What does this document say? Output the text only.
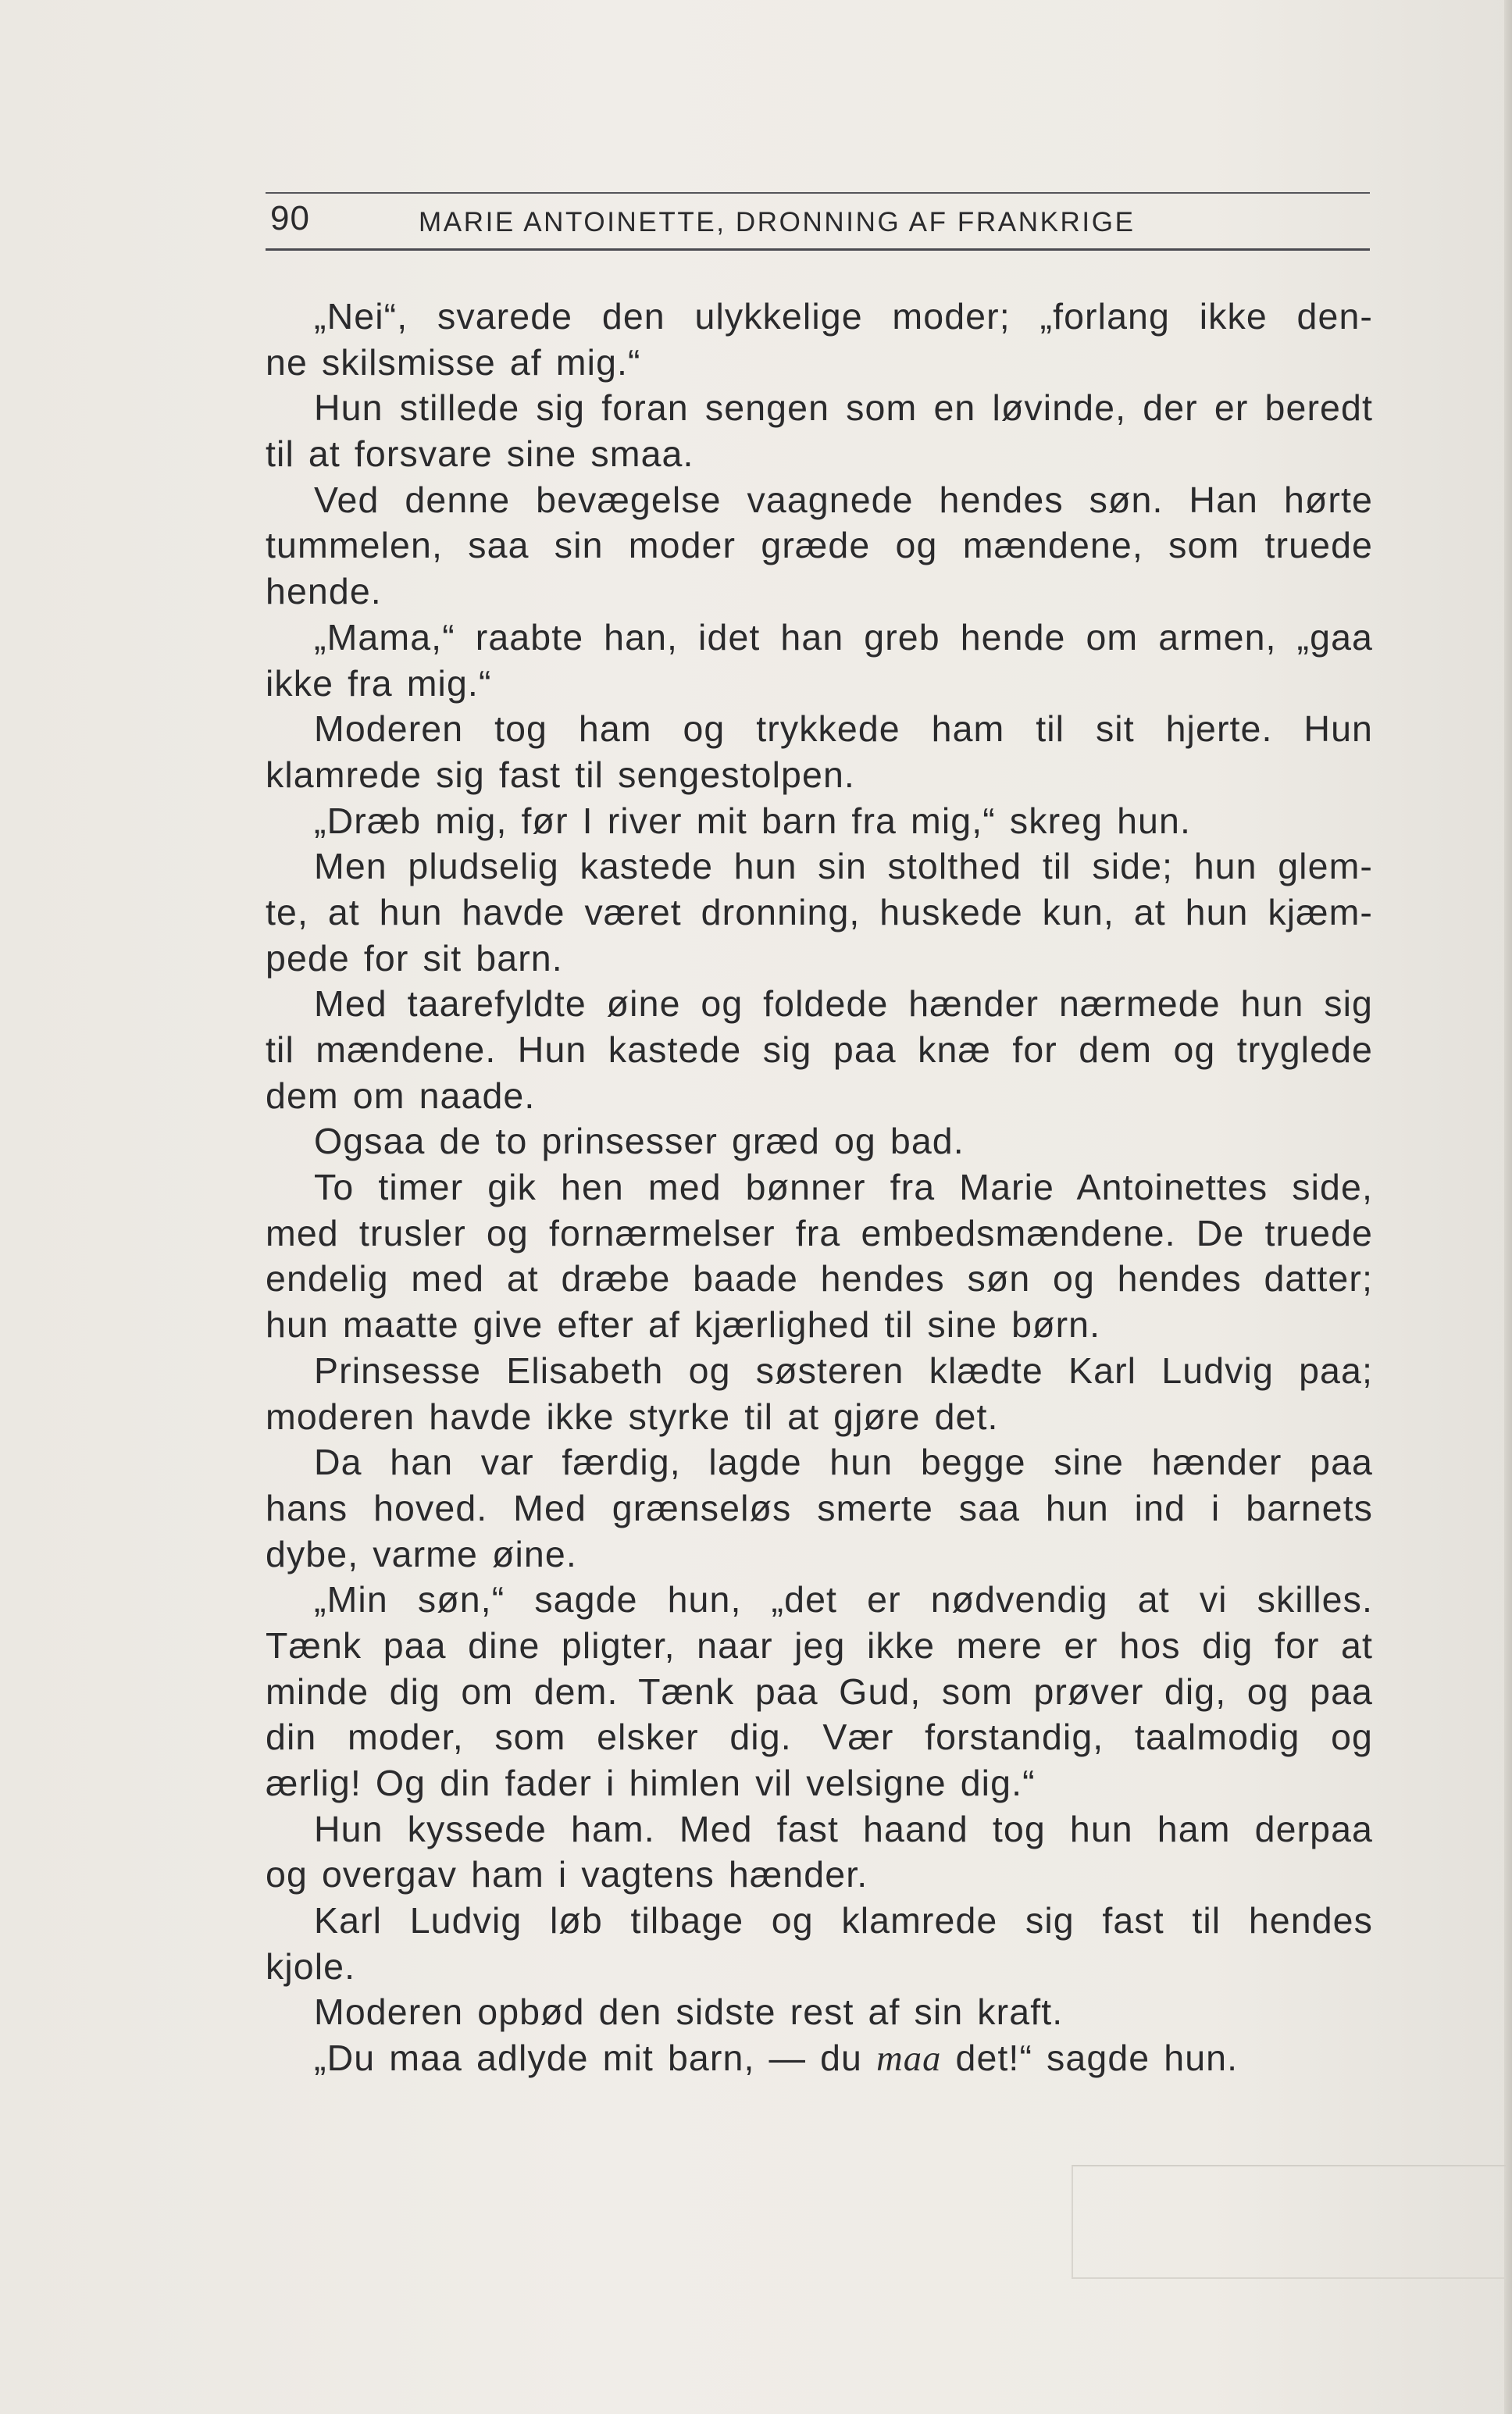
90	MARIE ANTOINETTE, DRONNING AF FRANKRIGE
„Nei“, svarede den ulykkelige moder; „forlang ikke den-
ne skilsmisse af mig.“
Hun stillede sig foran sengen som en løvinde, der er beredt
til at forsvare sine smaa.
Ved denne bevægelse vaagnede hendes søn. Han hørte
tummelen, saa sin moder græde og mændene, som truede
hende.
„Mama,“ raabte han, idet han greb hende om armen, „gaa
ikke fra mig.“
Moderen tog ham og trykkede ham til sit hjerte. Hun
klamrede sig fast til sengestolpen.
„Dræb mig, før I river mit barn fra mig,“ skreg hun.
Men pludselig kastede hun sin stolthed til side; hun glem-
te, at hun havde været dronning, huskede kun, at hun kjæm-
pede for sit barn.
Med taarefyldte øine og foldede hænder nærmede hun sig
til mændene. Hun kastede sig paa knæ for dem og tryglede
dem om naade.
Ogsaa de to prinsesser græd og bad.
To timer gik hen med bønner fra Marie Antoinettes side,
med trusler og fornærmelser fra embedsmændene. De truede
endelig med at dræbe baade hendes søn og hendes datter;
hun maatte give efter af kjærlighed til sine børn.
Prinsesse Elisabeth og søsteren klædte Karl Ludvig paa;
moderen havde ikke styrke til at gjøre det.
Da han var færdig, lagde hun begge sine hænder paa
hans hoved. Med grænseløs smerte saa hun ind i barnets
dybe, varme øine.
„Min søn,“ sagde hun, „det er nødvendig at vi skilles.
Tænk paa dine pligter, naar jeg ikke mere er hos dig for at
minde dig om dem. Tænk paa Gud, som prøver dig, og paa
din moder, som elsker dig. Vær forstandig, taalmodig og
ærlig! Og din fader i himlen vil velsigne dig.“
Hun kyssede ham. Med fast haand tog hun ham derpaa
og overgav ham i vagtens hænder.
Karl Ludvig løb tilbage og klamrede sig fast til hendes
kjole.
Moderen opbød den sidste rest af sin kraft.
„Du maa adlyde mit barn, — du maa det!“ sagde hun.
